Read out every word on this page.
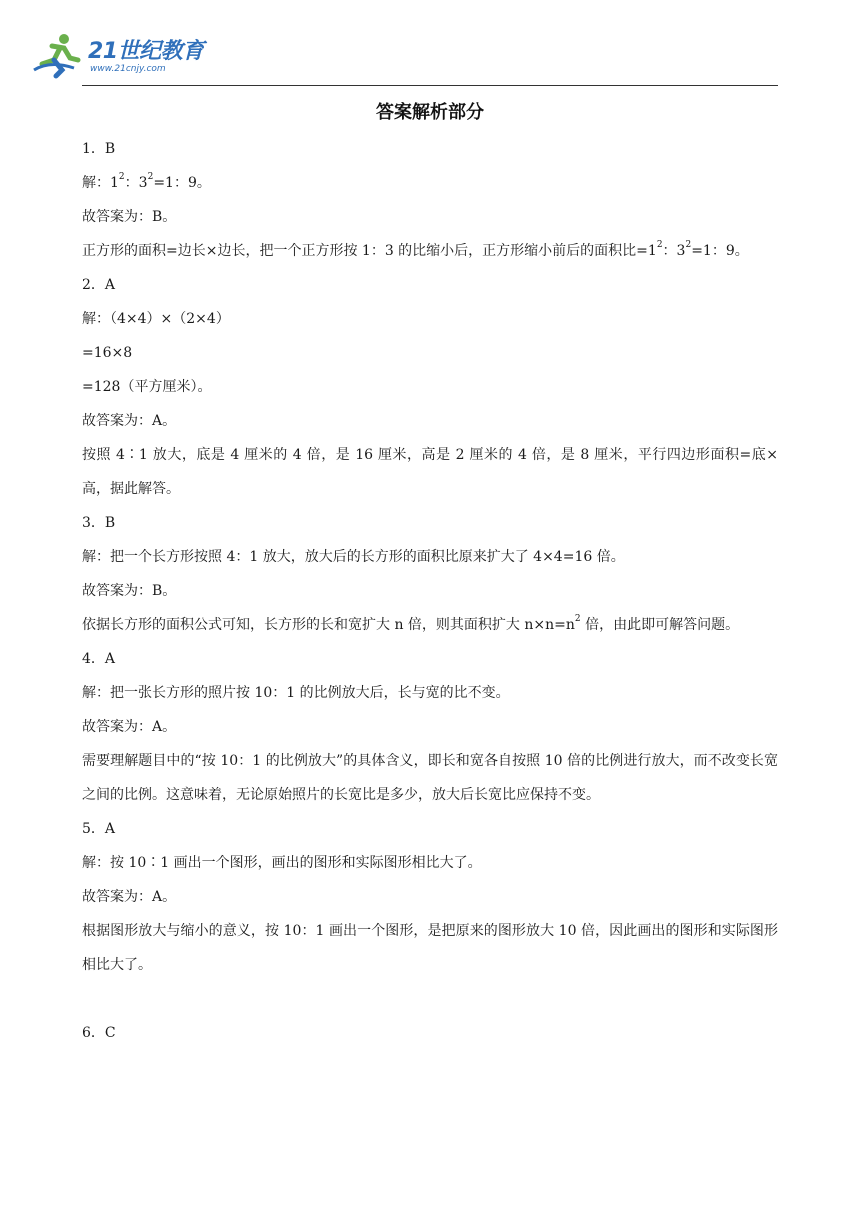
21世纪教育
www.21cnjy.com
答案解析部分
1．B
解：$1^2$：$3^2=1$：9。
故答案为：B。
正方形的面积=边长×边长，把一个正方形按 1：3 的比缩小后，正方形缩小前后的面积比$=1^2$：$3^2=1$：9。
2．A
解：（4×4）×（2×4）
=16×8
=128（平方厘米）。
故答案为：A。
按照 4∶1 放大，底是 4 厘米的 4 倍，是 16 厘米，高是 2 厘米的 4 倍，是 8 厘米，平行四边形面积=底×高，据此解答。
3．B
解：把一个长方形按照 4：1 放大，放大后的长方形的面积比原来扩大了 4×4=16 倍。
故答案为：B。
依据长方形的面积公式可知，长方形的长和宽扩大 n 倍，则其面积扩大 $n\times n=n^2$ 倍，由此即可解答问题。
4．A
解：把一张长方形的照片按 10：1 的比例放大后，长与宽的比不变。
故答案为：A。
需要理解题目中的“按 10：1 的比例放大”的具体含义，即长和宽各自按照 10 倍的比例进行放大，而不改变长宽之间的比例。这意味着，无论原始照片的长宽比是多少，放大后长宽比应保持不变。
5．A
解：按 10∶1 画出一个图形，画出的图形和实际图形相比大了。
故答案为：A。
根据图形放大与缩小的意义，按 10：1 画出一个图形，是把原来的图形放大 10 倍，因此画出的图形和实际图形相比大了。
6．C
